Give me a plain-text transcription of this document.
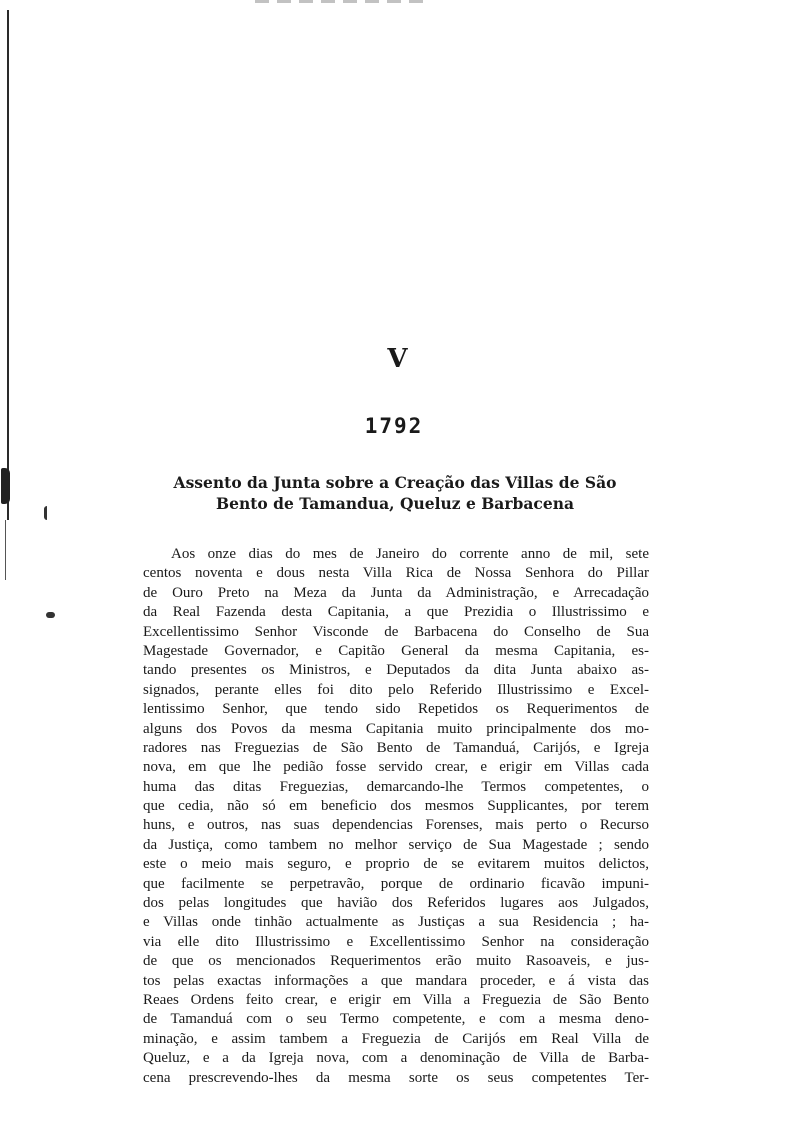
V
1792
Assento da Junta sobre a Creação das Villas de São
Bento de Tamandua, Queluz e Barbacena
Aos onze dias do mes de Janeiro do corrente anno de mil, sete
centos noventa e dous nesta Villa Rica de Nossa Senhora do Pillar
de Ouro Preto na Meza da Junta da Administração, e Arrecadação
da Real Fazenda desta Capitania, a que Prezidia o Illustrissimo e
Excellentissimo Senhor Visconde de Barbacena do Conselho de Sua
Magestade Governador, e Capitão General da mesma Capitania, es-
tando presentes os Ministros, e Deputados da dita Junta abaixo as-
signados, perante elles foi dito pelo Referido Illustrissimo e Excel-
lentissimo Senhor, que tendo sido Repetidos os Requerimentos de
alguns dos Povos da mesma Capitania muito principalmente dos mo-
radores nas Freguezias de São Bento de Tamanduá, Carijós, e Igreja
nova, em que lhe pedião fosse servido crear, e erigir em Villas cada
huma das ditas Freguezias, demarcando-lhe Termos competentes, o
que cedia, não só em beneficio dos mesmos Supplicantes, por terem
huns, e outros, nas suas dependencias Forenses, mais perto o Recurso
da Justiça, como tambem no melhor serviço de Sua Magestade ; sendo
este o meio mais seguro, e proprio de se evitarem muitos delictos,
que facilmente se perpetravão, porque de ordinario ficavão impuni-
dos pelas longitudes que havião dos Referidos lugares aos Julgados,
e Villas onde tinhão actualmente as Justiças a sua Residencia ; ha-
via elle dito Illustrissimo e Excellentissimo Senhor na consideração
de que os mencionados Requerimentos erão muito Rasoaveis, e jus-
tos pelas exactas informações a que mandara proceder, e á vista das
Reaes Ordens feito crear, e erigir em Villa a Freguezia de São Bento
de Tamanduá com o seu Termo competente, e com a mesma deno-
minação, e assim tambem a Freguezia de Carijós em Real Villa de
Queluz, e a da Igreja nova, com a denominação de Villa de Barba-
cena prescrevendo-lhes da mesma sorte os seus competentes Ter-
